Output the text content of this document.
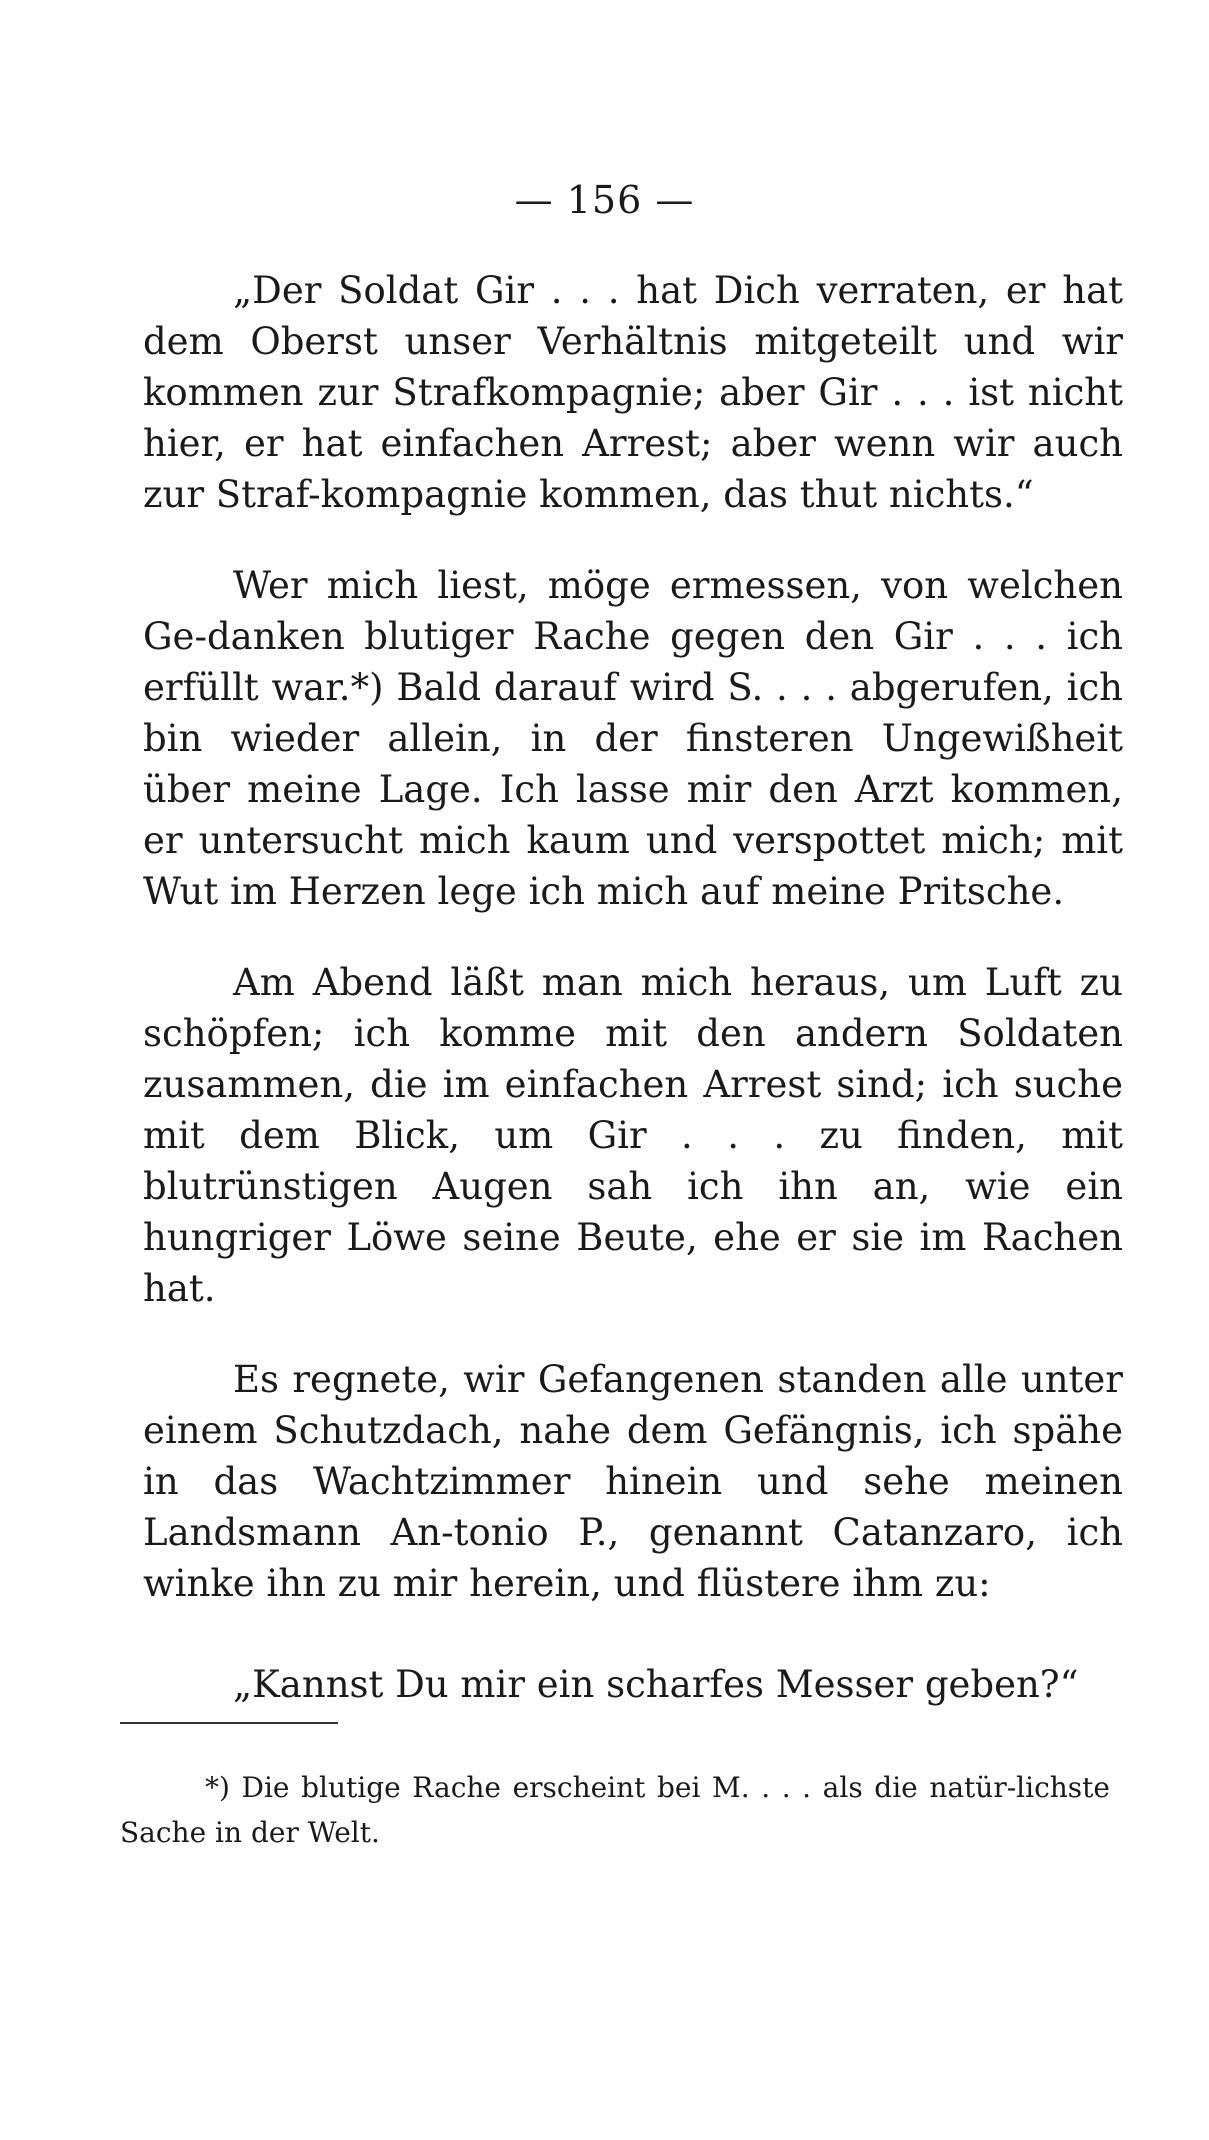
— 156 —

„Der Soldat Gir . . . hat Dich verraten, er hat dem Oberst unser Verhältnis mitgeteilt und wir kommen zur Strafkompagnie; aber Gir . . . ist nicht hier, er hat einfachen Arrest; aber wenn wir auch zur Straf-kompagnie kommen, das thut nichts.“

Wer mich liest, möge ermessen, von welchen Ge-danken blutiger Rache gegen den Gir . . . ich erfüllt war.*) Bald darauf wird S. . . . abgerufen, ich bin wieder allein, in der finsteren Ungewißheit über meine Lage. Ich lasse mir den Arzt kommen, er untersucht mich kaum und verspottet mich; mit Wut im Herzen lege ich mich auf meine Pritsche.

Am Abend läßt man mich heraus, um Luft zu schöpfen; ich komme mit den andern Soldaten zusammen, die im einfachen Arrest sind; ich suche mit dem Blick, um Gir . . . zu finden, mit blutrünstigen Augen sah ich ihn an, wie ein hungriger Löwe seine Beute, ehe er sie im Rachen hat.

Es regnete, wir Gefangenen standen alle unter einem Schutzdach, nahe dem Gefängnis, ich spähe in das Wachtzimmer hinein und sehe meinen Landsmann An-tonio P., genannt Catanzaro, ich winke ihn zu mir herein, und flüstere ihm zu:

„Kannst Du mir ein scharfes Messer geben?“

*) Die blutige Rache erscheint bei M. . . . als die natür-lichste Sache in der Welt.
